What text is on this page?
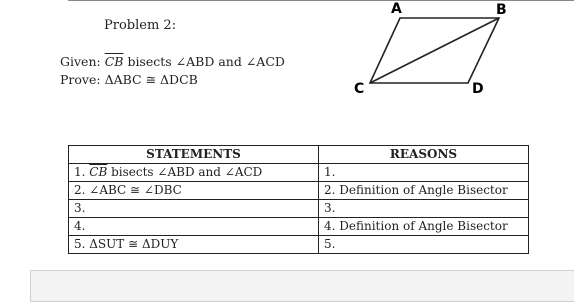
Problem 2:
Given: $\overline{CB}$ bisects ∠ABD and ∠ACD
Prove: ΔABC ≅ ΔDCB
A	B
C	D
STATEMENTS	REASONS
1. $\overline{CB}$ bisects ∠ABD and ∠ACD	1.
2. ∠ABC ≅ ∠DBC	2. Definition of Angle Bisector
3.	3.
4.	4. Definition of Angle Bisector
5. ΔSUT ≅ ΔDUY	5.
